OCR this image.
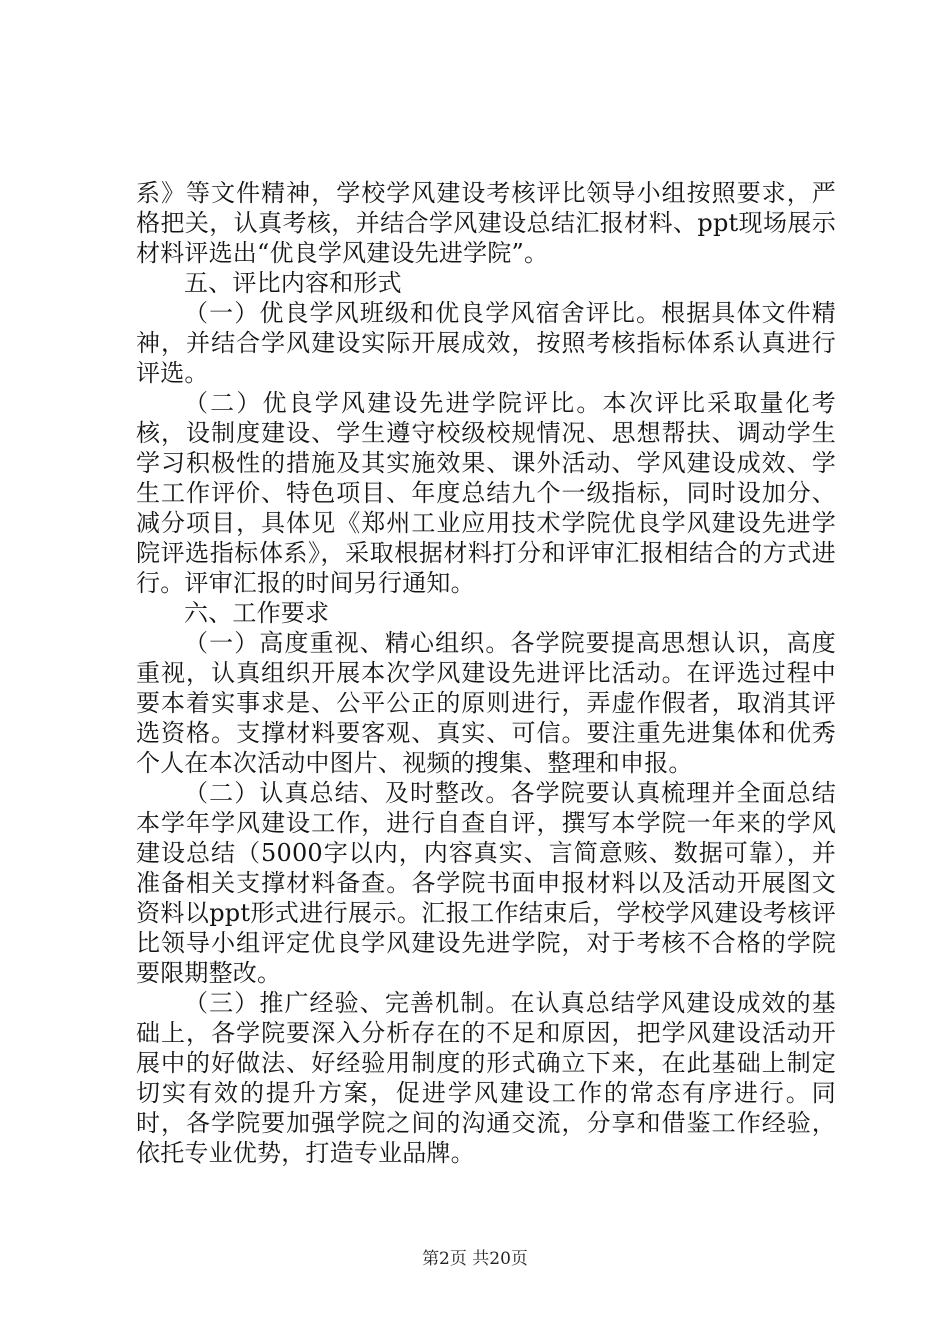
系》等文件精神，学校学风建设考核评比领导小组按照要求，严格把关，认真考核，并结合学风建设总结汇报材料、ppt现场展示材料评选出“优良学风建设先进学院”。

五、评比内容和形式

（一）优良学风班级和优良学风宿舍评比。根据具体文件精神，并结合学风建设实际开展成效，按照考核指标体系认真进行评选。

（二）优良学风建设先进学院评比。本次评比采取量化考核，设制度建设、学生遵守校级校规情况、思想帮扶、调动学生学习积极性的措施及其实施效果、课外活动、学风建设成效、学生工作评价、特色项目、年度总结九个一级指标，同时设加分、减分项目，具体见《郑州工业应用技术学院优良学风建设先进学院评选指标体系》，采取根据材料打分和评审汇报相结合的方式进行。评审汇报的时间另行通知。

六、工作要求

（一）高度重视、精心组织。各学院要提高思想认识，高度重视，认真组织开展本次学风建设先进评比活动。在评选过程中要本着实事求是、公平公正的原则进行，弄虚作假者，取消其评选资格。支撑材料要客观、真实、可信。要注重先进集体和优秀个人在本次活动中图片、视频的搜集、整理和申报。

（二）认真总结、及时整改。各学院要认真梳理并全面总结本学年学风建设工作，进行自查自评，撰写本学院一年来的学风建设总结（5000字以内，内容真实、言简意赅、数据可靠），并准备相关支撑材料备查。各学院书面申报材料以及活动开展图文资料以ppt形式进行展示。汇报工作结束后，学校学风建设考核评比领导小组评定优良学风建设先进学院，对于考核不合格的学院要限期整改。

（三）推广经验、完善机制。在认真总结学风建设成效的基础上，各学院要深入分析存在的不足和原因，把学风建设活动开展中的好做法、好经验用制度的形式确立下来，在此基础上制定切实有效的提升方案，促进学风建设工作的常态有序进行。同时，各学院要加强学院之间的沟通交流，分享和借鉴工作经验，依托专业优势，打造专业品牌。

第2页 共20页
